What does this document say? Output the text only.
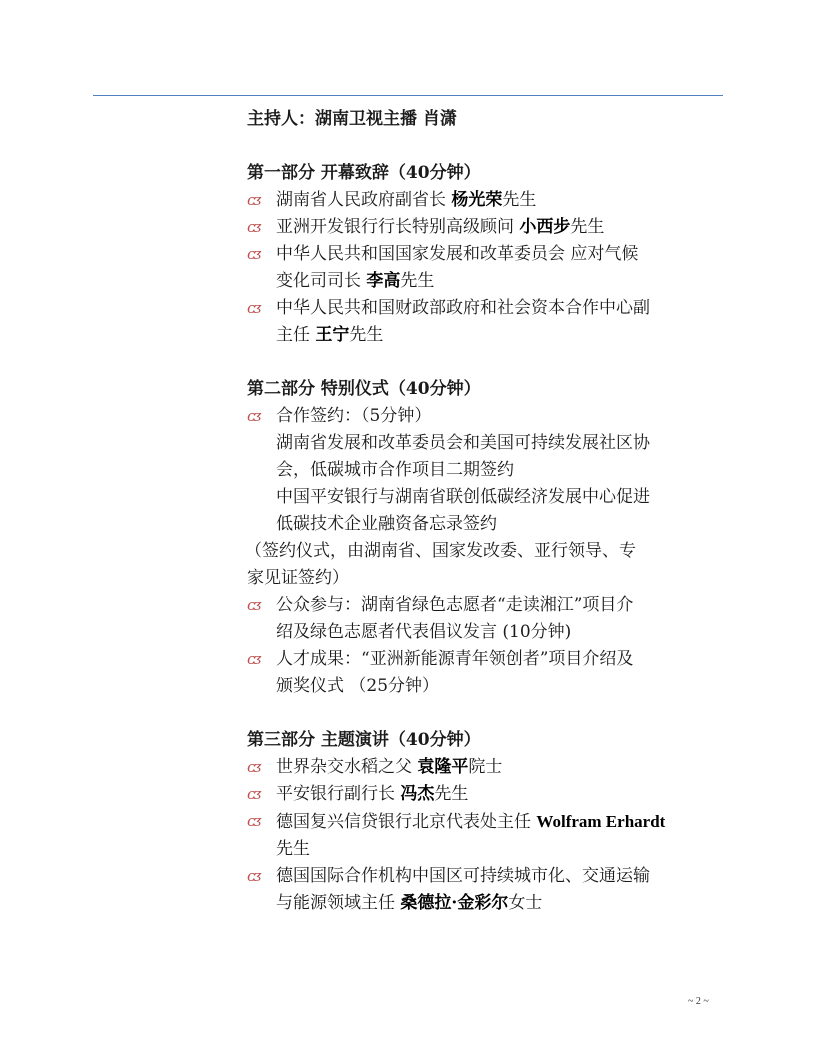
主持人：湖南卫视主播 肖潇
第一部分 开幕致辞（40分钟）
ᴄᴣ 湖南省人民政府副省长 杨光荣先生
ᴄᴣ 亚洲开发银行行长特别高级顾问 小西步先生
ᴄᴣ 中华人民共和国国家发展和改革委员会 应对气候
变化司司长 李高先生
ᴄᴣ 中华人民共和国财政部政府和社会资本合作中心副
主任 王宁先生
第二部分 特别仪式（40分钟）
ᴄᴣ 合作签约：（5分钟）
湖南省发展和改革委员会和美国可持续发展社区协
会，低碳城市合作项目二期签约
中国平安银行与湖南省联创低碳经济发展中心促进
低碳技术企业融资备忘录签约
（签约仪式，由湖南省、国家发改委、亚行领导、专
家见证签约）
ᴄᴣ 公众参与：湖南省绿色志愿者“走读湘江”项目介
绍及绿色志愿者代表倡议发言 (10分钟)
ᴄᴣ 人才成果：“亚洲新能源青年领创者”项目介绍及
颁奖仪式 （25分钟）
第三部分 主题演讲（40分钟）
ᴄᴣ 世界杂交水稻之父 袁隆平院士
ᴄᴣ 平安银行副行长 冯杰先生
ᴄᴣ 德国复兴信贷银行北京代表处主任 Wolfram Erhardt
先生
ᴄᴣ 德国国际合作机构中国区可持续城市化、交通运输
与能源领域主任 桑德拉·金彩尔女士
~ 2 ~
